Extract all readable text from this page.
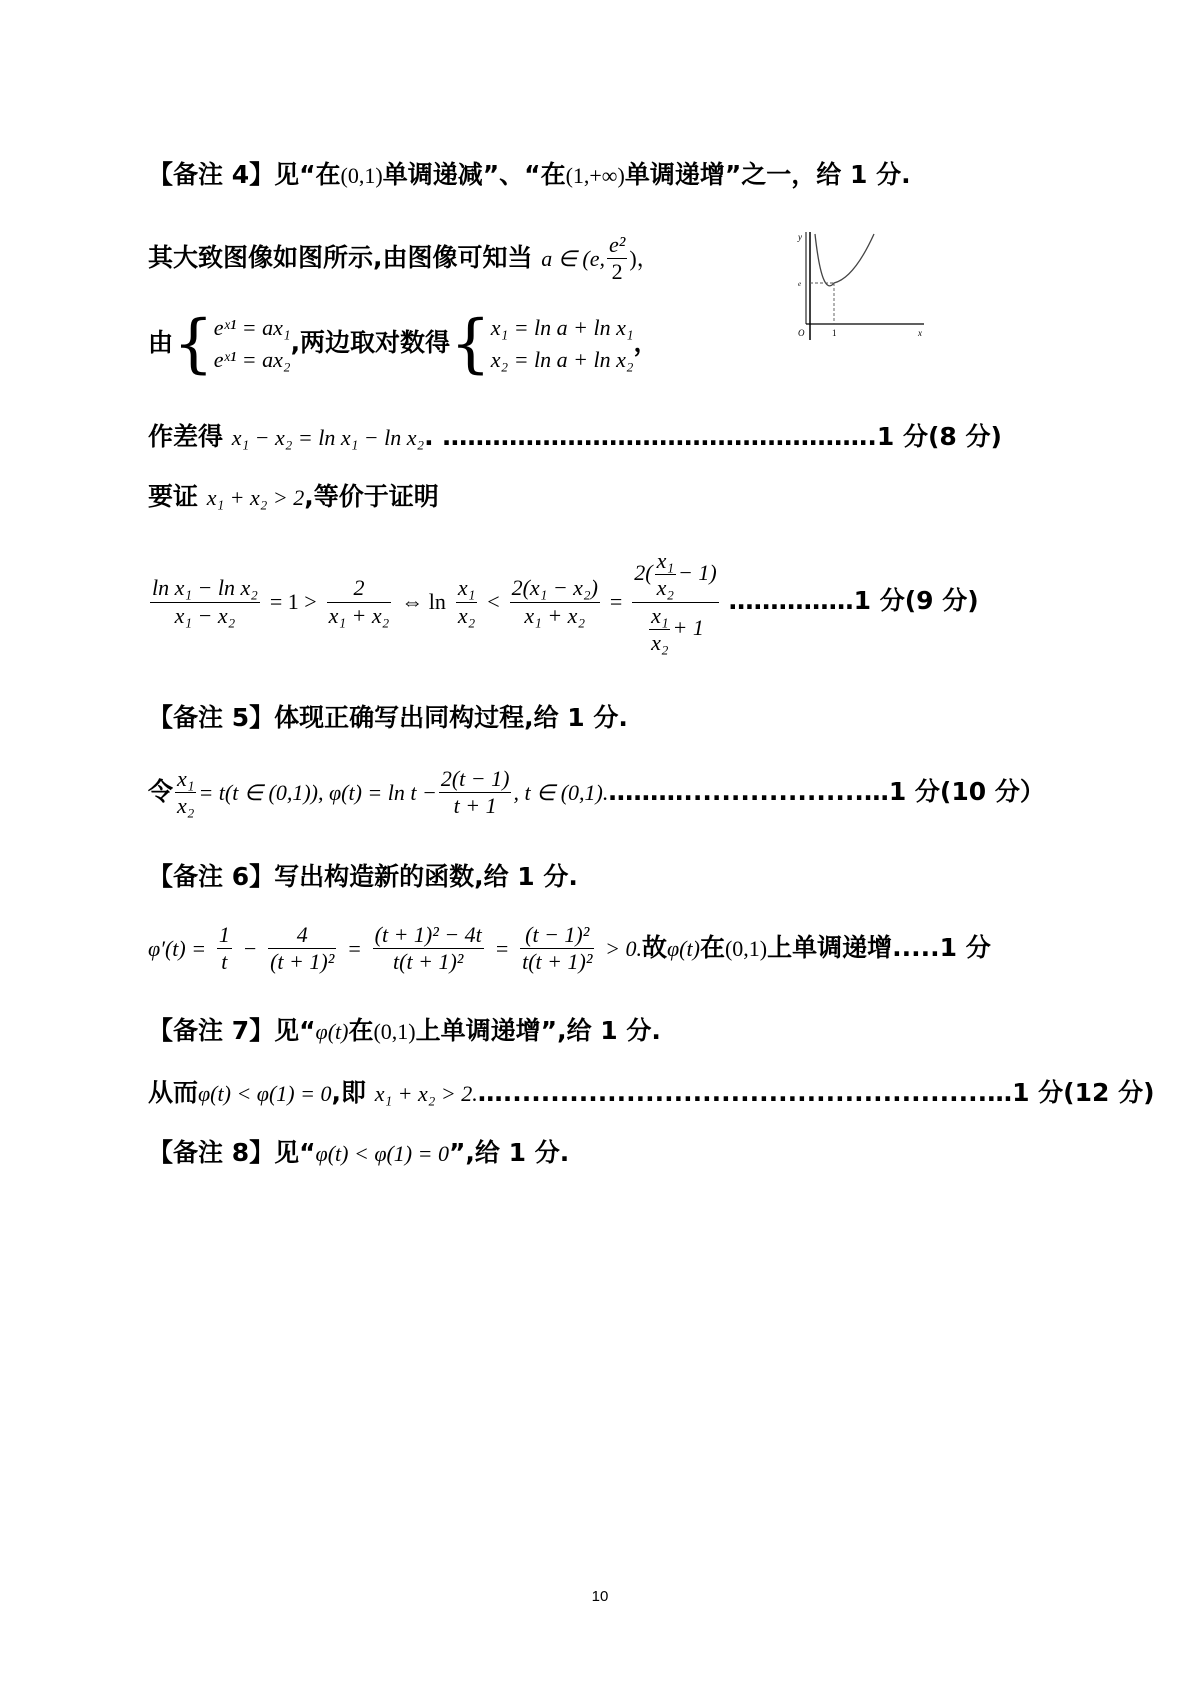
【备注 4】见“在(0,1)单调递减”、“在(1,+∞)单调递增”之一，给 1 分.
其大致图像如图所示,由图像可知当 a ∈ (e, $\frac{\text{e²}}{2}$ )，
y
x
O	1
e
由{ eˣ¹ = ax₁
eˣ¹ = ax₂
,两边取对数得{ x₁ = ln a + ln x₁
x₂ = ln a + ln x₂
，
作差得 x₁ − x₂ = ln x₁ − ln x₂. …………………………………………….1 分(8 分)
要证 x₁ + x₂ > 2,等价于证明
$\frac{\text{ln x₁ − ln x₂}}{\text{x₁ − x₂}} = 1 > \frac{2}{\text{x₁ + x₂}}$ ⇔ $\ln \frac{\text{x₁}}{\text{x₂}} < \frac{\text{2(x₁ − x₂)}}{\text{x₁ + x₂}} = \frac{2( \frac{\text{x₁}}{\text{x₂}} - 1)}{\frac{\text{x₁}}{\text{x₂}} + 1}$ ……………1 分(9 分)
【备注 5】体现正确写出同构过程,给 1 分.
令 $\frac{\text{x₁}}{\text{x₂}} = t(t$ ∈ (0,1)), $\varphi(t) = \ln t - \frac{2(t - 1)}{t + 1}$ , t ∈ (0,1).………...................…1 分(10 分）
【备注 6】写出构造新的函数,给 1 分.
$\varphi'(t) = \frac{1}{t} - \frac{4}{\text{(t + 1)²}} = \frac{\text{(t + 1)² − 4t}}{\text{t(t + 1)²}} = \frac{\text{(t − 1)²}}{\text{t(t + 1)²}} > 0$.故φ(t)在(0,1)上单调递增.....1 分
【备注 7】见“φ(t)在(0,1)上单调递增”,给 1 分.
从而φ(t) < φ(1) = 0,即 x₁ + x₂ > 2.…...................................................…1 分(12 分)
【备注 8】见“φ(t) < φ(1) = 0”,给 1 分.
10
